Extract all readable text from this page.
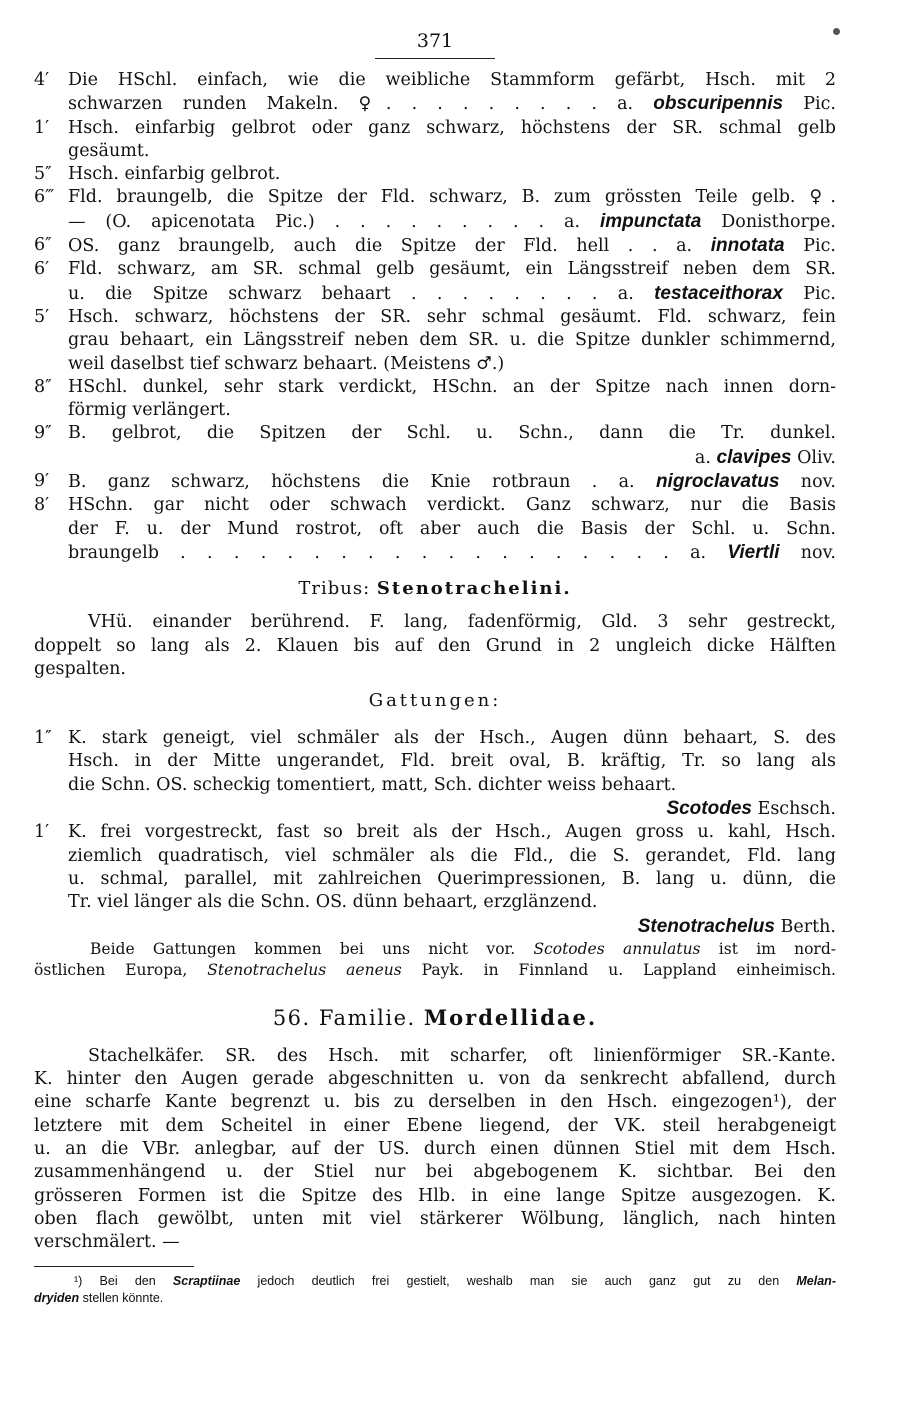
371
4′	Die HSchl. einfach, wie die weibliche Stammform gefärbt, Hsch. mit 2
schwarzen runden Makeln. ♀. . . . . . . . . a. obscuripennis Pic.
1′	Hsch. einfarbig gelbrot oder ganz schwarz, höchstens der SR. schmal gelb
gesäumt.
5″ Hsch. einfarbig gelbrot.
6‴ Fld. braungelb, die Spitze der Fld. schwarz, B. zum grössten Teile gelb. ♀.
— (O. apicenotata Pic.) . . . . . . . . . a. impunctata Donisthorpe.
6″ OS. ganz braungelb, auch die Spitze der Fld. hell . . a. innotata Pic.
6′	Fld. schwarz, am SR. schmal gelb gesäumt, ein Längsstreif neben dem SR.
u. die Spitze schwarz behaart . . . . . . . . a. testaceithorax Pic.
5′	Hsch. schwarz, höchstens der SR. sehr schmal gesäumt. Fld. schwarz, fein
grau behaart, ein Längsstreif neben dem SR. u. die Spitze dunkler schimmernd,
weil daselbst tief schwarz behaart. (Meistens ♂.)
8″ HSchl. dunkel, sehr stark verdickt, HSchn. an der Spitze nach innen dorn-
förmig verlängert.
9″ B. gelbrot, die Spitzen der Schl. u. Schn., dann die Tr. dunkel.
a. clavipes Oliv.
9′	B. ganz schwarz, höchstens die Knie rotbraun . a. nigroclavatus nov.
8′	HSchn. gar nicht oder schwach verdickt. Ganz schwarz, nur die Basis
der F. u. der Mund rostrot, oft aber auch die Basis der Schl. u. Schn.
braungelb . . . . . . . . . . . . . . . . . . . a. Viertli nov.
Tribus: Stenotrachelini.
VHü. einander berührend. F. lang, fadenförmig, Gld. 3 sehr gestreckt,
doppelt so lang als 2. Klauen bis auf den Grund in 2 ungleich dicke Hälften
gespalten.
Gattungen:
1″ K. stark geneigt, viel schmäler als der Hsch., Augen dünn behaart, S. des
Hsch. in der Mitte ungerandet, Fld. breit oval, B. kräftig, Tr. so lang als
die Schn. OS. scheckig tomentiert, matt, Sch. dichter weiss behaart.
Scotodes Eschsch.
1′	K. frei vorgestreckt, fast so breit als der Hsch., Augen gross u. kahl, Hsch.
ziemlich quadratisch, viel schmäler als die Fld., die S. gerandet, Fld. lang
u. schmal, parallel, mit zahlreichen Querimpressionen, B. lang u. dünn, die
Tr. viel länger als die Schn. OS. dünn behaart, erzglänzend.
Stenotrachelus Berth.
Beide Gattungen kommen bei uns nicht vor. Scotodes annulatus ist im nord-
östlichen Europa, Stenotrachelus aeneus Payk. in Finnland u. Lappland einheimisch.
56. Familie. Mordellidae.
Stachelkäfer. SR. des Hsch. mit scharfer, oft linienförmiger SR.-Kante.
K. hinter den Augen gerade abgeschnitten u. von da senkrecht abfallend, durch
eine scharfe Kante begrenzt u. bis zu derselben in den Hsch. eingezogen¹), der
letztere mit dem Scheitel in einer Ebene liegend, der VK. steil herabgeneigt
u. an die VBr. anlegbar, auf der US. durch einen dünnen Stiel mit dem Hsch.
zusammenhängend u. der Stiel nur bei abgebogenem K. sichtbar. Bei den
grösseren Formen ist die Spitze des Hlb. in eine lange Spitze ausgezogen. K.
oben flach gewölbt, unten mit viel stärkerer Wölbung, länglich, nach hinten
verschmälert. —
¹) Bei den Scraptiinae jedoch deutlich frei gestielt, weshalb man sie auch ganz gut zu den Melan-
dryiden stellen könnte.
